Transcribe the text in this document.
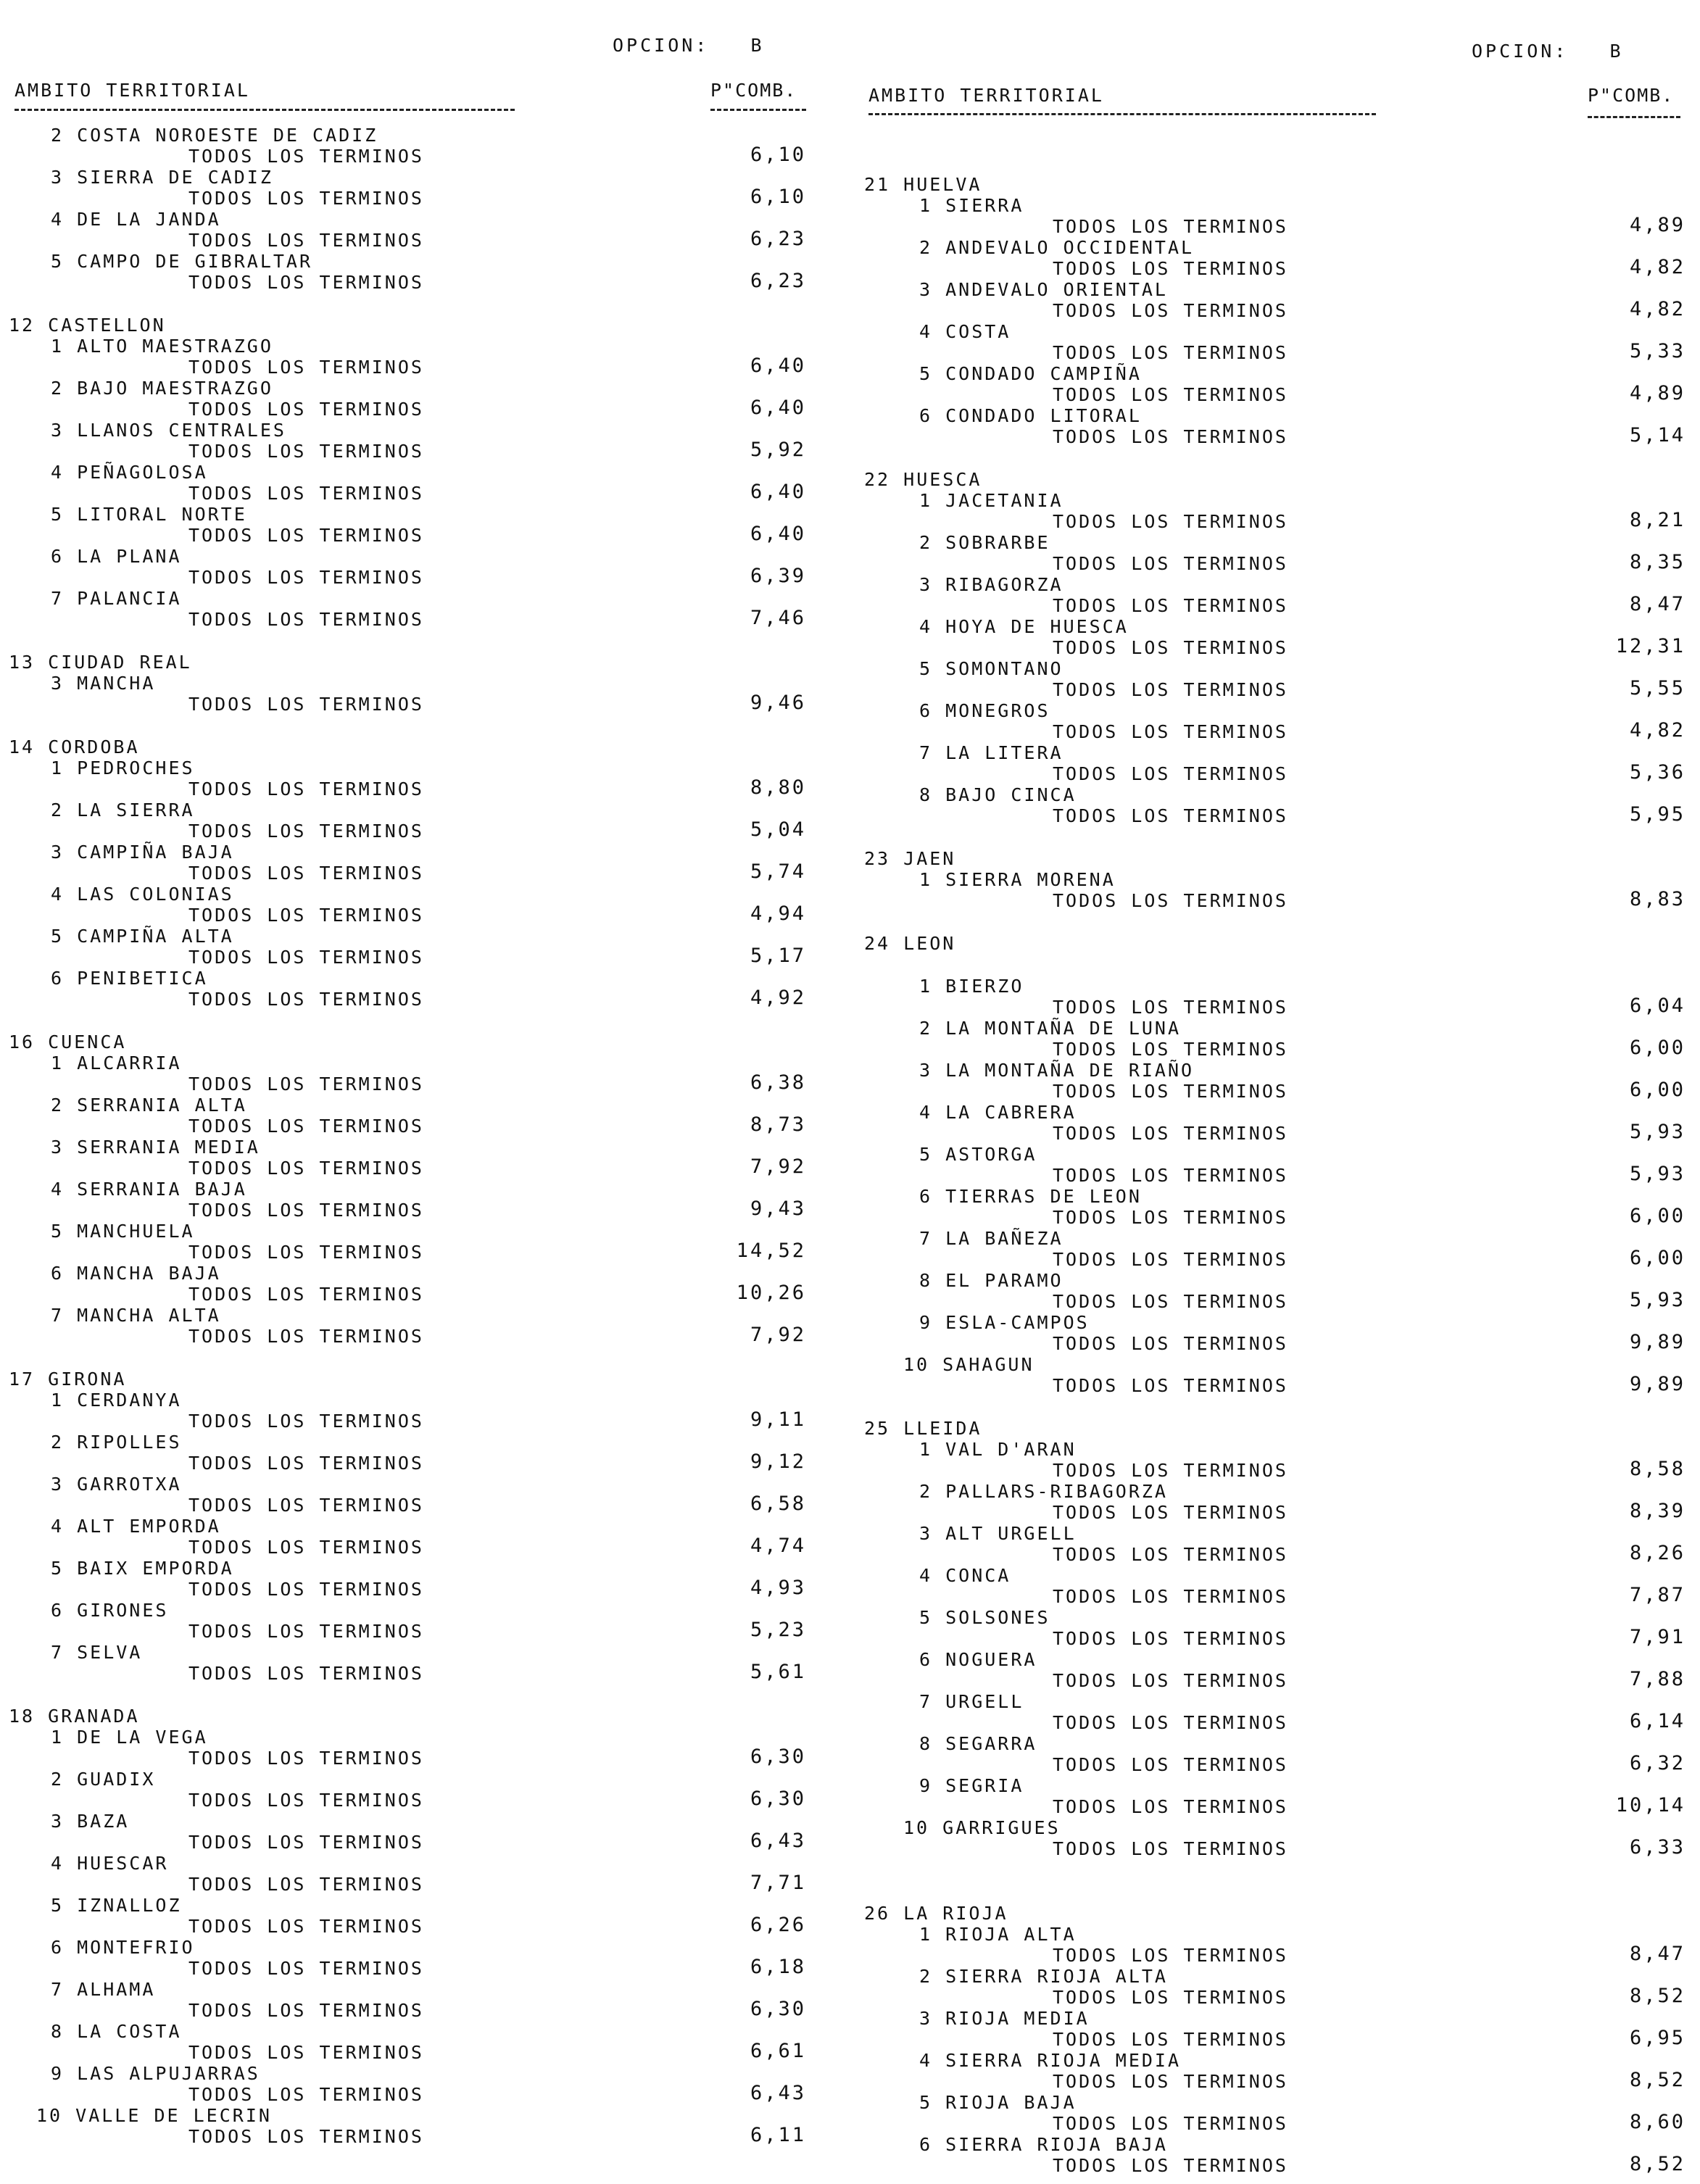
OPCION: B
AMBITO TERRITORIAL	P"COMB.
2 COSTA NOROESTE DE CADIZ
TODOS LOS TERMINOS	6,10
3 SIERRA DE CADIZ
TODOS LOS TERMINOS	6,10
4 DE LA JANDA
TODOS LOS TERMINOS	6,23
5 CAMPO DE GIBRALTAR
TODOS LOS TERMINOS	6,23
12 CASTELLON
1 ALTO MAESTRAZGO
TODOS LOS TERMINOS	6,40
2 BAJO MAESTRAZGO
TODOS LOS TERMINOS	6,40
3 LLANOS CENTRALES
TODOS LOS TERMINOS	5,92
4 PEÑAGOLOSA
TODOS LOS TERMINOS	6,40
5 LITORAL NORTE
TODOS LOS TERMINOS	6,40
6 LA PLANA
TODOS LOS TERMINOS	6,39
7 PALANCIA
TODOS LOS TERMINOS	7,46
13 CIUDAD REAL
3 MANCHA
TODOS LOS TERMINOS	9,46
14 CORDOBA
1 PEDROCHES
TODOS LOS TERMINOS	8,80
2 LA SIERRA
TODOS LOS TERMINOS	5,04
3 CAMPIÑA BAJA
TODOS LOS TERMINOS	5,74
4 LAS COLONIAS
TODOS LOS TERMINOS	4,94
5 CAMPIÑA ALTA
TODOS LOS TERMINOS	5,17
6 PENIBETICA
TODOS LOS TERMINOS	4,92
16 CUENCA
1 ALCARRIA
TODOS LOS TERMINOS	6,38
2 SERRANIA ALTA
TODOS LOS TERMINOS	8,73
3 SERRANIA MEDIA
TODOS LOS TERMINOS	7,92
4 SERRANIA BAJA
TODOS LOS TERMINOS	9,43
5 MANCHUELA
TODOS LOS TERMINOS	14,52
6 MANCHA BAJA
TODOS LOS TERMINOS	10,26
7 MANCHA ALTA
TODOS LOS TERMINOS	7,92
17 GIRONA
1 CERDANYA
TODOS LOS TERMINOS	9,11
2 RIPOLLES
TODOS LOS TERMINOS	9,12
3 GARROTXA
TODOS LOS TERMINOS	6,58
4 ALT EMPORDA
TODOS LOS TERMINOS	4,74
5 BAIX EMPORDA
TODOS LOS TERMINOS	4,93
6 GIRONES
TODOS LOS TERMINOS	5,23
7 SELVA
TODOS LOS TERMINOS	5,61
18 GRANADA
1 DE LA VEGA
TODOS LOS TERMINOS	6,30
2 GUADIX
TODOS LOS TERMINOS	6,30
3 BAZA
TODOS LOS TERMINOS	6,43
4 HUESCAR
TODOS LOS TERMINOS	7,71
5 IZNALLOZ
TODOS LOS TERMINOS	6,26
6 MONTEFRIO
TODOS LOS TERMINOS	6,18
7 ALHAMA
TODOS LOS TERMINOS	6,30
8 LA COSTA
TODOS LOS TERMINOS	6,61
9 LAS ALPUJARRAS
TODOS LOS TERMINOS	6,43
10 VALLE DE LECRIN
TODOS LOS TERMINOS	6,11
OPCION: B
AMBITO TERRITORIAL	P"COMB.
21 HUELVA
1 SIERRA
TODOS LOS TERMINOS	4,89
2 ANDEVALO OCCIDENTAL
TODOS LOS TERMINOS	4,82
3 ANDEVALO ORIENTAL
TODOS LOS TERMINOS	4,82
4 COSTA
TODOS LOS TERMINOS	5,33
5 CONDADO CAMPIÑA
TODOS LOS TERMINOS	4,89
6 CONDADO LITORAL
TODOS LOS TERMINOS	5,14
22 HUESCA
1 JACETANIA
TODOS LOS TERMINOS	8,21
2 SOBRARBE
TODOS LOS TERMINOS	8,35
3 RIBAGORZA
TODOS LOS TERMINOS	8,47
4 HOYA DE HUESCA
TODOS LOS TERMINOS	12,31
5 SOMONTANO
TODOS LOS TERMINOS	5,55
6 MONEGROS
TODOS LOS TERMINOS	4,82
7 LA LITERA
TODOS LOS TERMINOS	5,36
8 BAJO CINCA
TODOS LOS TERMINOS	5,95
23 JAEN
1 SIERRA MORENA
TODOS LOS TERMINOS	8,83
24 LEON
1 BIERZO
TODOS LOS TERMINOS	6,04
2 LA MONTAÑA DE LUNA
TODOS LOS TERMINOS	6,00
3 LA MONTAÑA DE RIAÑO
TODOS LOS TERMINOS	6,00
4 LA CABRERA
TODOS LOS TERMINOS	5,93
5 ASTORGA
TODOS LOS TERMINOS	5,93
6 TIERRAS DE LEON
TODOS LOS TERMINOS	6,00
7 LA BAÑEZA
TODOS LOS TERMINOS	6,00
8 EL PARAMO
TODOS LOS TERMINOS	5,93
9 ESLA-CAMPOS
TODOS LOS TERMINOS	9,89
10 SAHAGUN
TODOS LOS TERMINOS	9,89
25 LLEIDA
1 VAL D'ARAN
TODOS LOS TERMINOS	8,58
2 PALLARS-RIBAGORZA
TODOS LOS TERMINOS	8,39
3 ALT URGELL
TODOS LOS TERMINOS	8,26
4 CONCA
TODOS LOS TERMINOS	7,87
5 SOLSONES
TODOS LOS TERMINOS	7,91
6 NOGUERA
TODOS LOS TERMINOS	7,88
7 URGELL
TODOS LOS TERMINOS	6,14
8 SEGARRA
TODOS LOS TERMINOS	6,32
9 SEGRIA
TODOS LOS TERMINOS	10,14
10 GARRIGUES
TODOS LOS TERMINOS	6,33
26 LA RIOJA
1 RIOJA ALTA
TODOS LOS TERMINOS	8,47
2 SIERRA RIOJA ALTA
TODOS LOS TERMINOS	8,52
3 RIOJA MEDIA
TODOS LOS TERMINOS	6,95
4 SIERRA RIOJA MEDIA
TODOS LOS TERMINOS	8,52
5 RIOJA BAJA
TODOS LOS TERMINOS	8,60
6 SIERRA RIOJA BAJA
TODOS LOS TERMINOS	8,52
